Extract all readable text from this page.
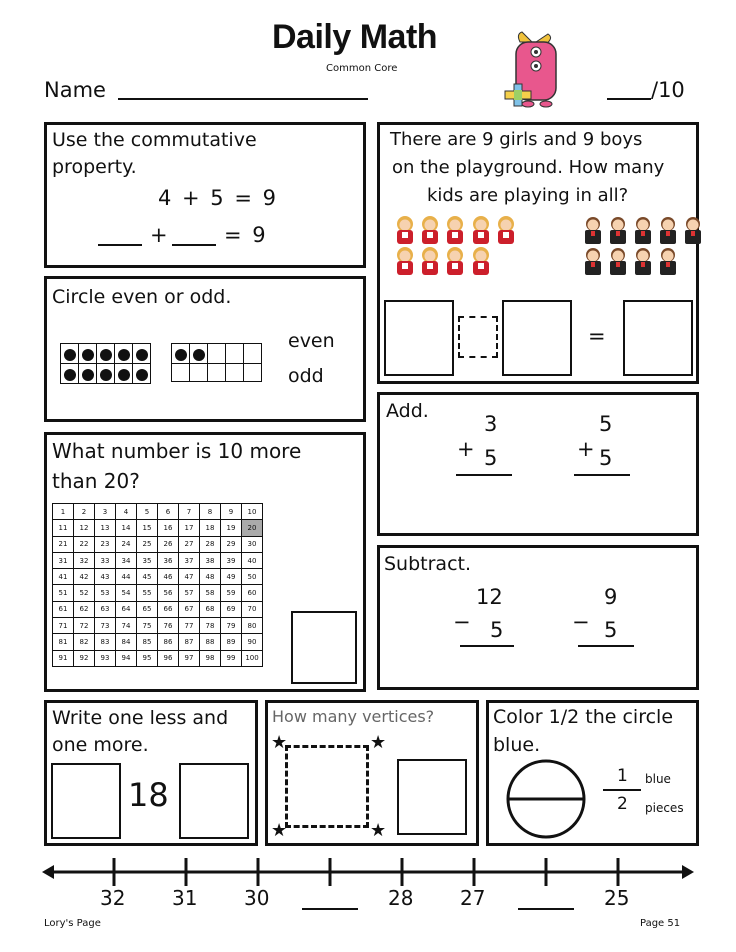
Daily Math
Common Core
Name	/10
Use the commutative
property.
4 + 5 = 9
+	= 9
Circle even or odd.

even
odd
What number is 10 more
than 20?
1	2	3	4	5	6	7	8	9	10
11	12	13	14	15	16	17	18	19	20
21	22	23	24	25	26	27	28	29	30
31	32	33	34	35	36	37	38	39	40
41	42	43	44	45	46	47	48	49	50
51	52	53	54	55	56	57	58	59	60
61	62	63	64	65	66	67	68	69	70
71	72	73	74	75	76	77	78	79	80
81	82	83	84	85	86	87	88	89	90
91	92	93	94	95	96	97	98	99	100
There are 9 girls and 9 boys
on the playground. How many
kids are playing in all?
=
Add.
3
+ 5
5
+ 5
Subtract.
12
− 5
9
− 5
Write one less and
one more.
18
How many vertices?
★	★
★	★
Color 1/2 the circle
blue.
1
2
blue
pieces
32 31 30	28 27	25
Lory's Page	Page 51
